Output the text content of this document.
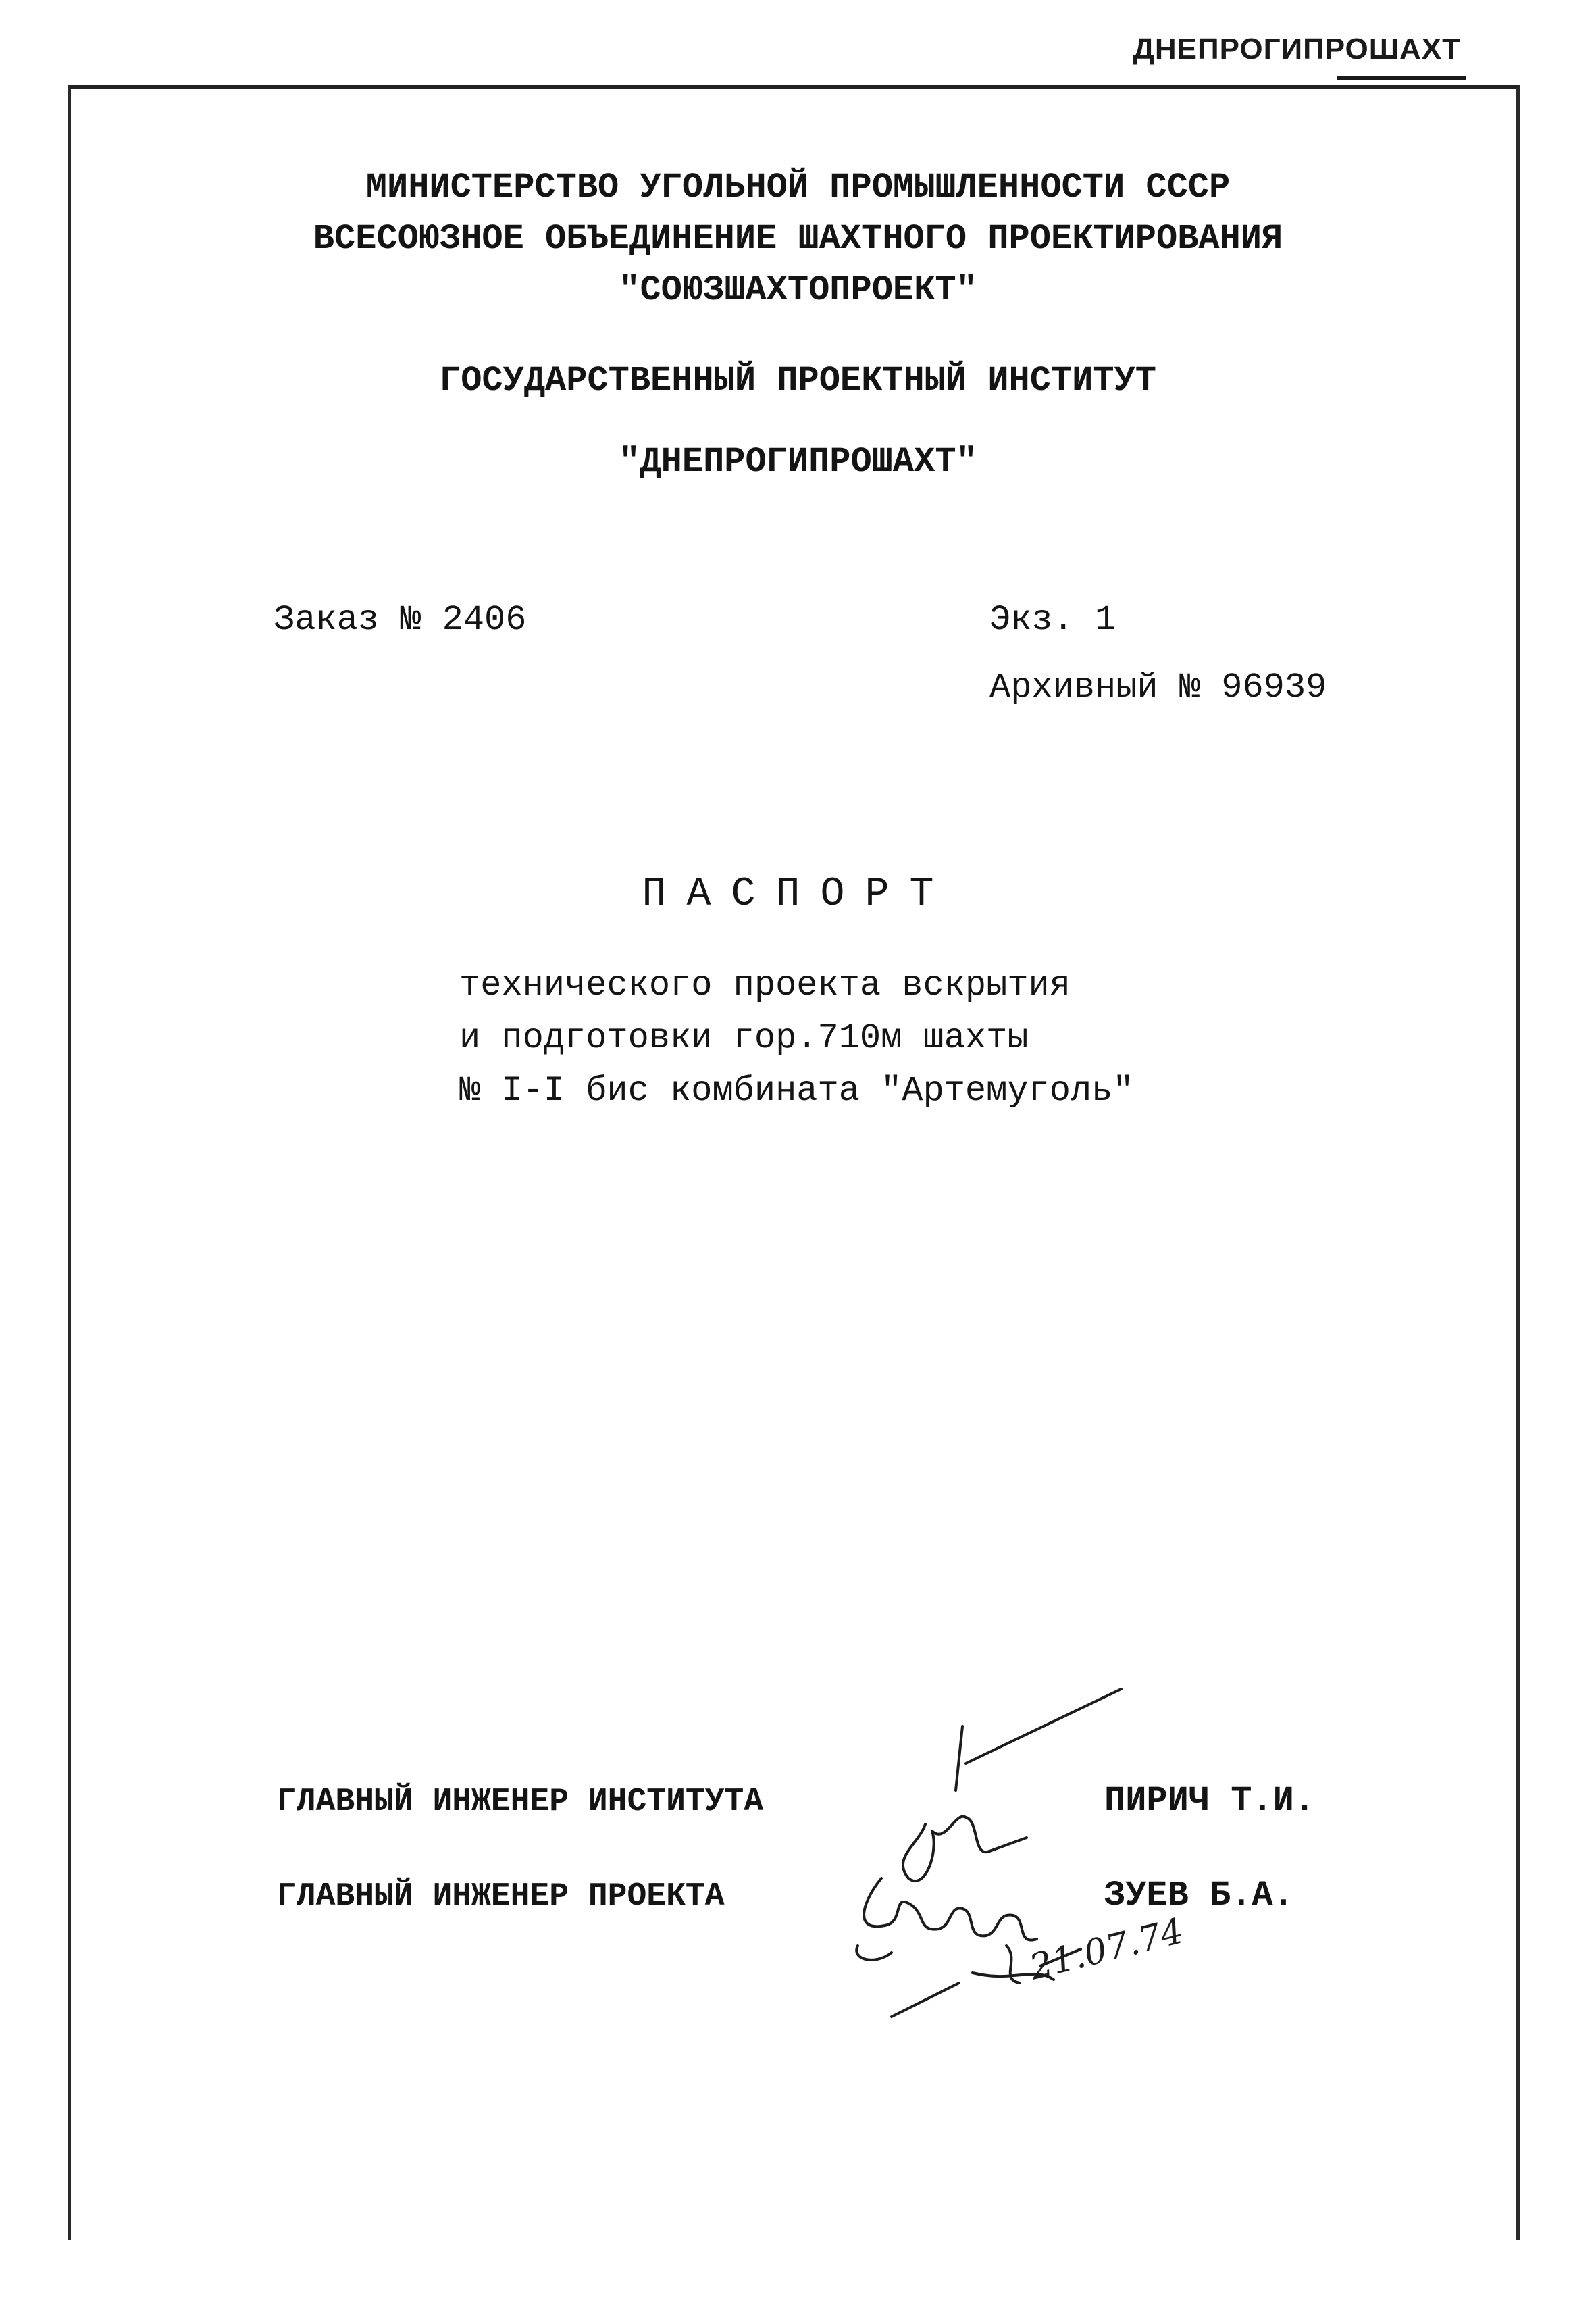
ДНЕПРОГИПРОШАХТ
МИНИСТЕРСТВО УГОЛЬНОЙ ПРОМЫШЛЕННОСТИ СССР
ВСЕСОЮЗНОЕ ОБЪЕДИНЕНИЕ ШАХТНОГО ПРОЕКТИРОВАНИЯ
"СОЮЗШАХТОПРОЕКТ"
ГОСУДАРСТВЕННЫЙ ПРОЕКТНЫЙ ИНСТИТУТ
"ДНЕПРОГИПРОШАХТ"
Заказ № 2406	Экз. 1
Архивный № 96939
ПАСПОРТ
технического проекта вскрытия
и подготовки гор.710м шахты
№ I-I бис комбината "Артемуголь"
ГЛАВНЫЙ ИНЖЕНЕР ИНСТИТУТА	ПИРИЧ Т.И.
ГЛАВНЫЙ ИНЖЕНЕР ПРОЕКТА	ЗУЕВ Б.А.
21.07.74
